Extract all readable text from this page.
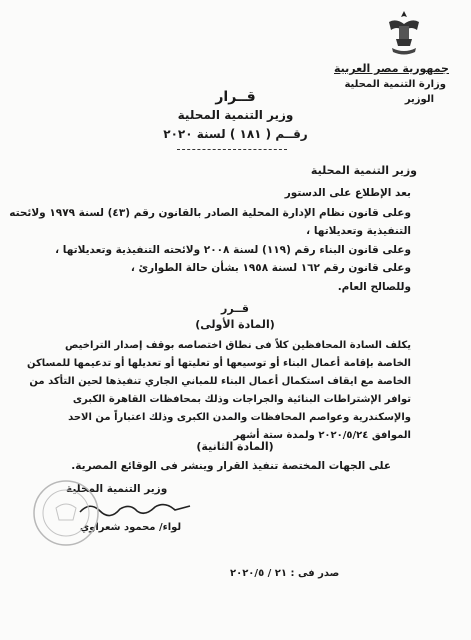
جمهورية مصر العربية
وزارة التنمية المحلية
الوزير
قــرار
وزير التنمية المحلية
رقــم ( ١٨١ ) لسنة ٢٠٢٠
وزير التنمية المحلية
بعد الإطلاع على الدستور
وعلى قانون نظام الإدارة المحلية الصادر بالقانون رقم (٤٣) لسنة ١٩٧٩ ولائحته
التنفيذية وتعديلاتها ،
وعلى قانون البناء رقم (١١٩) لسنة ٢٠٠٨ ولائحته التنفيذية وتعديلاتها ،
وعلى قانون رقم ١٦٢ لسنة ١٩٥٨ بشأن حالة الطوارئ ،
وللصالح العام.
قــرر
(المادة الأولى)
يكلف السادة المحافظين كلاً فى نطاق اختصاصه بوقف إصدار التراخيص
الخاصة بإقامة أعمال البناء أو توسيعها أو تعليتها أو تعديلها أو تدعيمها للمساكن
الخاصة مع ايقاف استكمال أعمال البناء للمباني الجاري تنفيذها لحين التأكد من
توافر الإشتراطات البنائية والجراجات وذلك بمحافظات القاهرة الكبرى
والإسكندرية وعواصم المحافظات والمدن الكبرى وذلك اعتباراً من الاحد
الموافق ٢٠٢٠/٥/٢٤ ولمدة ستة أشهر
(المادة الثانية)
على الجهات المختصة تنفيذ القرار وينشر فى الوقائع المصرية.
وزير التنمية المحلية
لواء/ محمود شعراوي
صدر فى : ٢١ / ٢٠٢٠/٥
